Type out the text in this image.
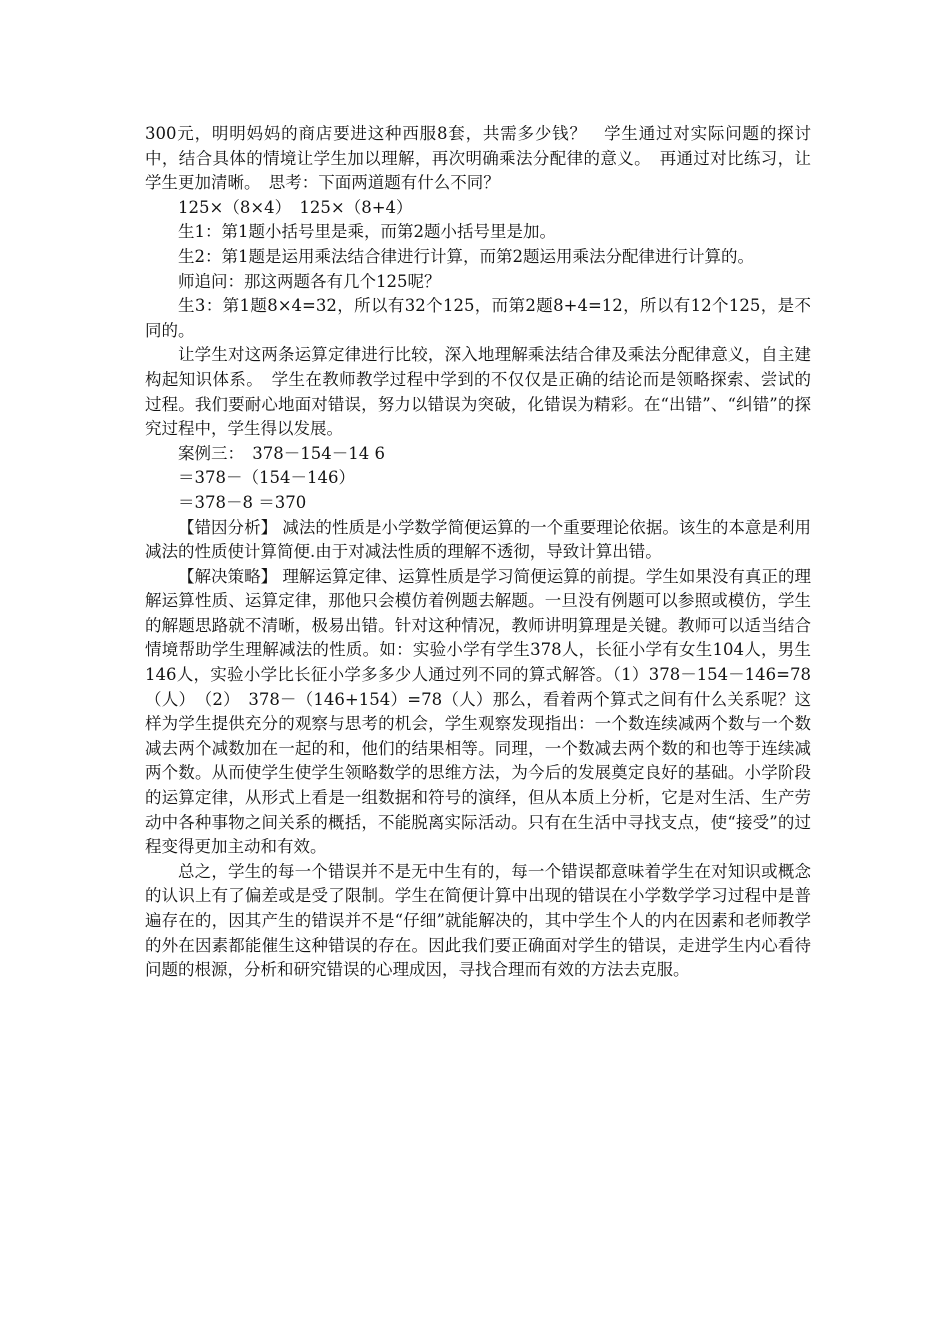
300元，明明妈妈的商店要进这种西服8套，共需多少钱？　学生通过对实际问题的探讨中，结合具体的情境让学生加以理解，再次明确乘法分配律的意义。　再通过对比练习，让学生更加清晰。　思考：下面两道题有什么不同？

125×（8×4）　125×（8+4）

生1：第1题小括号里是乘，而第2题小括号里是加。

生2：第1题是运用乘法结合律进行计算，而第2题运用乘法分配律进行计算的。

师追问：那这两题各有几个125呢？

生3：第1题8×4=32，所以有32个125，而第2题8+4=12，所以有12个125，是不同的。

让学生对这两条运算定律进行比较，深入地理解乘法结合律及乘法分配律意义，自主建构起知识体系。　学生在教师教学过程中学到的不仅仅是正确的结论而是领略探索、尝试的过程。我们要耐心地面对错误，努力以错误为突破，化错误为精彩。在“出错”、“纠错”的探究过程中，学生得以发展。

案例三：　378－154－14 6

＝378－（154－146）

＝378－8 ＝370

【错因分析】 减法的性质是小学数学简便运算的一个重要理论依据。该生的本意是利用减法的性质使计算简便.由于对减法性质的理解不透彻，导致计算出错。

【解决策略】 理解运算定律、运算性质是学习简便运算的前提。学生如果没有真正的理解运算性质、运算定律，那他只会模仿着例题去解题。一旦没有例题可以参照或模仿，学生的解题思路就不清晰，极易出错。针对这种情况，教师讲明算理是关键。教师可以适当结合情境帮助学生理解减法的性质。如：实验小学有学生378人，长征小学有女生104人，男生146人，实验小学比长征小学多多少人通过列不同的算式解答。（1）378－154－146=78（人）　（2）　378－（146+154）=78（人）那么，看着两个算式之间有什么关系呢？这样为学生提供充分的观察与思考的机会，学生观察发现指出：一个数连续减两个数与一个数减去两个减数加在一起的和，他们的结果相等。同理，一个数减去两个数的和也等于连续减两个数。从而使学生使学生领略数学的思维方法，为今后的发展奠定良好的基础。小学阶段的运算定律，从形式上看是一组数据和符号的演绎，但从本质上分析，它是对生活、生产劳动中各种事物之间关系的概括，不能脱离实际活动。只有在生活中寻找支点，使“接受”的过程变得更加主动和有效。

总之，学生的每一个错误并不是无中生有的，每一个错误都意味着学生在对知识或概念的认识上有了偏差或是受了限制。学生在简便计算中出现的错误在小学数学学习过程中是普遍存在的，因其产生的错误并不是“仔细”就能解决的，其中学生个人的内在因素和老师教学的外在因素都能催生这种错误的存在。因此我们要正确面对学生的错误，走进学生内心看待问题的根源，分析和研究错误的心理成因，寻找合理而有效的方法去克服。
